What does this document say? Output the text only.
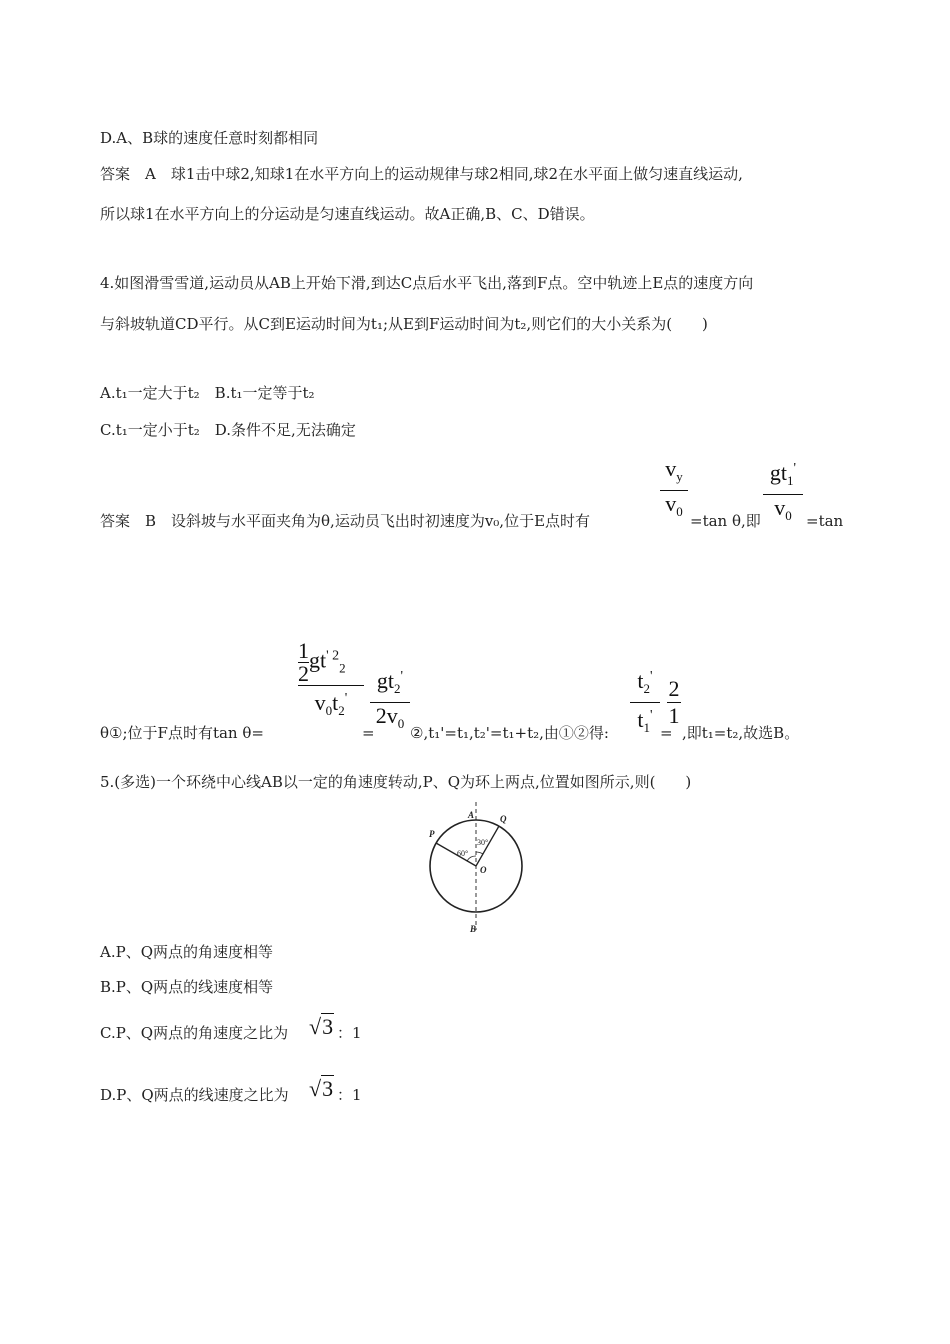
D.A、B球的速度任意时刻都相同
答案　A　球1击中球2,知球1在水平方向上的运动规律与球2相同,球2在水平面上做匀速直线运动,
所以球1在水平方向上的分运动是匀速直线运动。故A正确,B、C、D错误。
4.如图滑雪雪道,运动员从AB上开始下滑,到达C点后水平飞出,落到F点。空中轨迹上E点的速度方向
与斜坡轨道CD平行。从C到E运动时间为t₁;从E到F运动时间为t₂,则它们的大小关系为(　　)
A.t₁一定大于t₂　B.t₁一定等于t₂
C.t₁一定小于t₂　D.条件不足,无法确定
答案　B　设斜坡与水平面夹角为θ,运动员飞出时初速度为v₀,位于E点时有
$v_y$
$v_0$
=tan θ,即
$gt_1'$
$v_0 =\tan$
θ①;位于F点时有tan θ=
$\frac{1}{2} gt^{' 2}_2$
$v_0t_2'$
=
$gt_2'$
$2v_0$
②,t₁'=t₁,t₂'=t₁+t₂,由①②得:
$t_2'$
$t_1'$
=
2
1
,即t₁=t₂,故选B。
5.(多选)一个环绕中心线AB以一定的角速度转动,P、Q为环上两点,位置如图所示,则(　　)
A
B
P
Q
O
60°
30°
A.P、Q两点的角速度相等
B.P、Q两点的线速度相等
C.P、Q两点的角速度之比为 √3 ：1
D.P、Q两点的线速度之比为 √3 ：1
